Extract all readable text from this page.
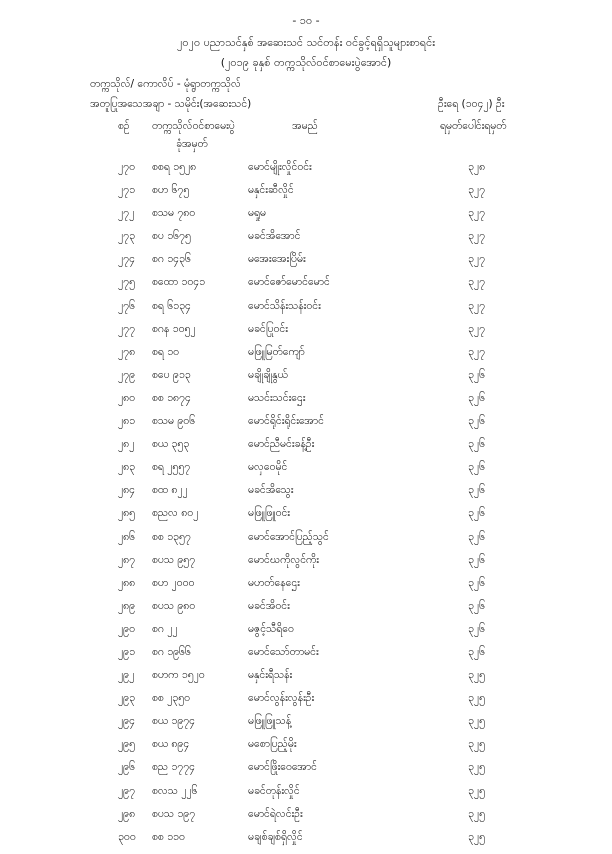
- ၁၀ -
၂၀၂၀ ပညာသင်နှစ် အဆေးသင် သင်တန်း ဝင်ခွင့်ရရှိသူများစာရင်း
(၂၀၁၉ ခုနှစ် တက္ကသိုလ်ဝင်စာမေးပွဲအောင်)
တက္ကသိုလ်/ ကောလိပ် - မုံရွာတက္ကသိုလ်
အတူပြုအသေအချာ - သမိုင်း(အဆေးသင်)	ဦးရေ (၁၀၄၂) ဦး
စဉ် တက္ကသိုလ်ဝင်စာမေးပွဲ	အမည်	ရမှတ်ပေါင်းရမှတ်
ခုံအမှတ်
၂၇၀ စစရ ၁၅၂၈	မောင်မျိုးလှိုင်ဝင်း	၃၂၈
၂၇၁ စဟ ၆၇၅	မနှင်းဆီလှိုင်	၃၂၇
၂၇၂ စသမ ၇၈၀	မရှုမ	၃၂၇
၂၇၃ စပ ၁၆၇၅	မခင်အိအောင်	၃၂၇
၂၇၄ စဂ ၁၄၃၆	မအေးအေးပြိမ်း	၃၂၇
၂၇၅ စထော ၁၀၄၁	မောင်ဇော်မောင်မောင်	၃၂၇
၂၇၆ စရ ၆၁၃၄	မောင်သိန်းသန်းဝင်း	၃၂၇
၂၇၇ စဂန ၁၀၅၂	မခင်ပြုဝင်း	၃၂၇
၂၇၈ စရ ၁၀	မဖြူမြတ်ကျော်	၃၂၇
၂၇၉ စပေ ၉၁၃	မချိုချိုနွယ်	၃၂၆
၂၈၀ စစ ၁၈၇၄	မသင်းသင်းဌေး	၃၂၆
၂၈၁ စသမ ၉၀၆	မောင်ရိုင်းရိုင်းအောင်	၃၂၆
၂၈၂ စယ ၃၅၃	မောင်ညီမင်းခန့်ဦး	၃၂၆
၂၈၃ စရ ၂၅၅၇	မလှဝေမိုင်	၃၂၆
၂၈၄ စထ ၈၂၂	မခင်အိသွေး	၃၂၆
၂၈၅ စညလ ၈၀၂	မဖြူဖြူဝင်း	၃၂၆
၂၈၆ စစ ၁၃၅၇	မောင်အောင်ပြည့်သွင်	၃၂၆
၂၈၇ စပသ ၉၅၇	မောင်ဃကိုလွင်ကိုး	၃၂၆
၂၈၈ စဟ ၂၀၀၀	မဟတ်နေဌေး	၃၂၆
၂၈၉ စပသ ၉၈၀	မခင်အိဝင်း	၃၂၆
၂၉၀ စဂ ၂၂	မဇွင့်သီရိဝေ	၃၂၆
၂၉၁ စဂ ၁၉၆၆	မောင်သော်တာမင်း	၃၂၆
၂၉၂ စဟက ၁၅၂၀	မနှင်းရီသန်း	၃၂၅
၂၉၃ စစ ၂၃၅၀	မောင်လွန်းလွန်းဦး	၃၂၅
၂၉၄ စယ ၁၉၇၄	မဖြူဖြူသန့်	၃၂၅
၂၉၅ စယ ၈၉၄	မစောပြည့်မိုး	၃၂၅
၂၉၆ စည ၁၇၇၄	မောင်ဖြိုးဝေအောင်	၃၂၅
၂၉၇ စလသ ၂၂၆	မခင်တုန်းလှိုင်	၃၂၅
၂၉၈ စပသ ၁၉၇	မောင်ရဲလင်းဦး	၃၂၅
၃၀၀ စစ ၁၁၀	မချစ်ချစ်ရှိလှိုင်	၃၂၅
